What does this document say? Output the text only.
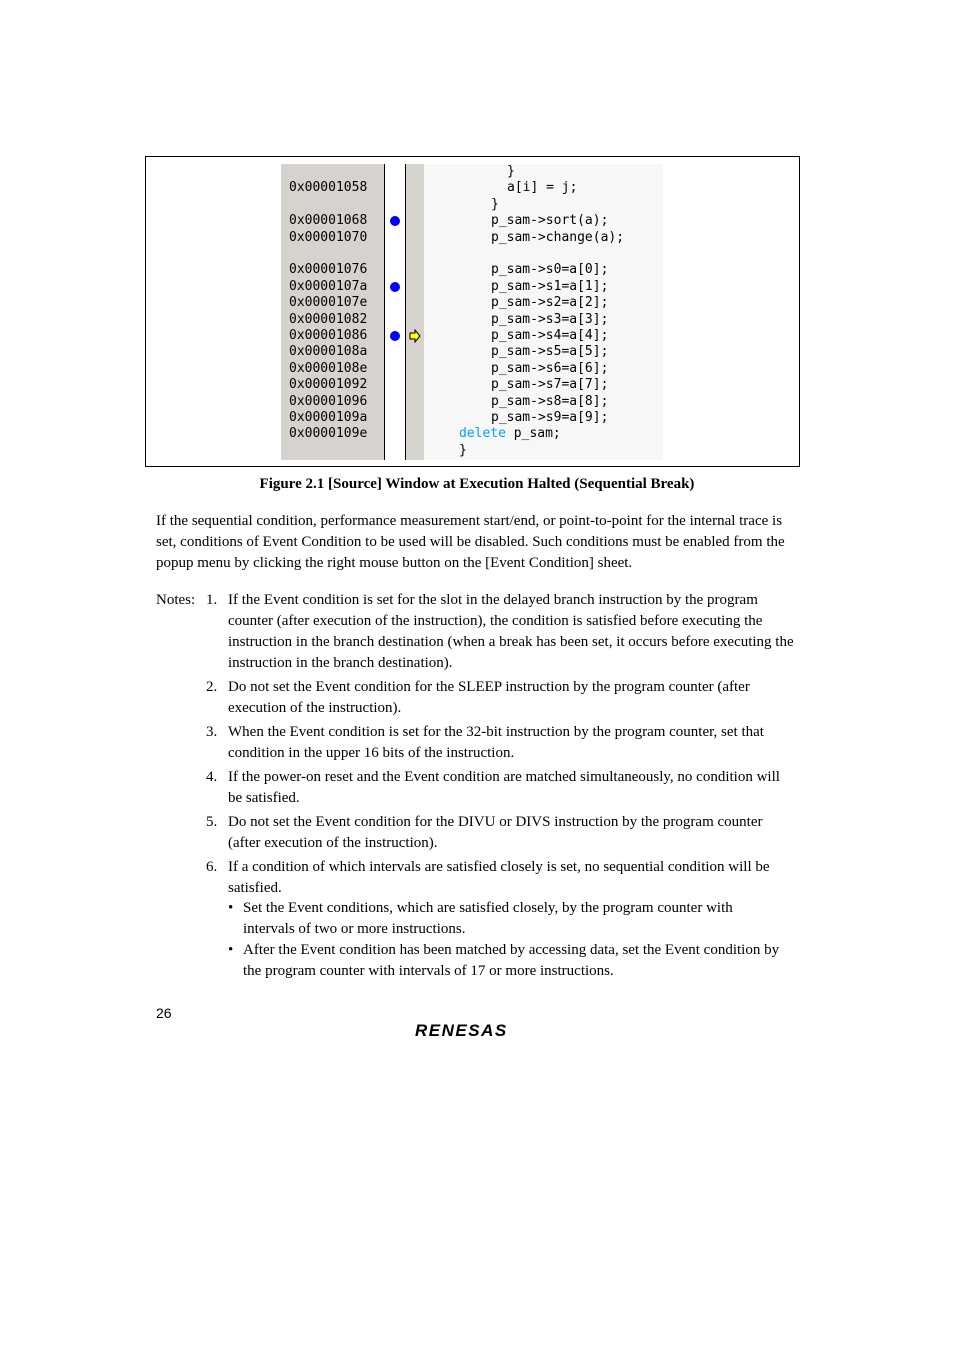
}
0x00001058	a[i] = j;
}
0x00001068	p_sam->sort(a);
0x00001070	p_sam->change(a);
0x00001076	p_sam->s0=a[0];
0x0000107a	p_sam->s1=a[1];
0x0000107e	p_sam->s2=a[2];
0x00001082	p_sam->s3=a[3];
0x00001086	p_sam->s4=a[4];
0x0000108a	p_sam->s5=a[5];
0x0000108e	p_sam->s6=a[6];
0x00001092	p_sam->s7=a[7];
0x00001096	p_sam->s8=a[8];
0x0000109a	p_sam->s9=a[9];
0x0000109e	delete p_sam;
}
Figure 2.1 [Source] Window at Execution Halted (Sequential Break)

If the sequential condition, performance measurement start/end, or point-to-point for the internal trace is set, conditions of Event Condition to be used will be disabled. Such conditions must be enabled from the popup menu by clicking the right mouse button on the [Event Condition] sheet.

Notes: 1. If the Event condition is set for the slot in the delayed branch instruction by the program counter (after execution of the instruction), the condition is satisfied before executing the instruction in the branch destination (when a break has been set, it occurs before executing the instruction in the branch destination).
2. Do not set the Event condition for the SLEEP instruction by the program counter (after execution of the instruction).
3. When the Event condition is set for the 32-bit instruction by the program counter, set that condition in the upper 16 bits of the instruction.
4. If the power-on reset and the Event condition are matched simultaneously, no condition will be satisfied.
5. Do not set the Event condition for the DIVU or DIVS instruction by the program counter (after execution of the instruction).
6. If a condition of which intervals are satisfied closely is set, no sequential condition will be satisfied.
• Set the Event conditions, which are satisfied closely, by the program counter with intervals of two or more instructions.
• After the Event condition has been matched by accessing data, set the Event condition by the program counter with intervals of 17 or more instructions.
26
RENESAS
